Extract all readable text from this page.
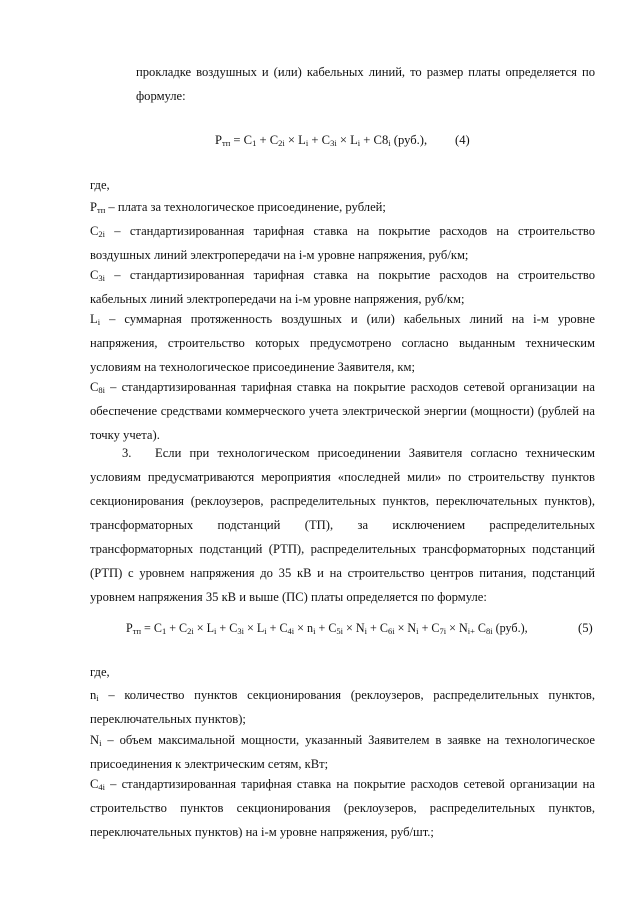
прокладке воздушных и (или) кабельных линий, то размер платы определяется по
формуле:

$P_{тп} = C_1 + C_{2i} \times L_i + C_{3i} \times L_i + C8_i$ (руб.), (4)
где,

$P_{тп}$ – плата за технологическое присоединение, рублей;

$C_{2i}$ – стандартизированная тарифная ставка на покрытие расходов на строительство воздушных линий электропередачи на i-м уровне напряжения, руб/км;

$C_{3i}$ – стандартизированная тарифная ставка на покрытие расходов на строительство кабельных линий электропередачи на i-м уровне напряжения, руб/км;

$L_i$ – суммарная протяженность воздушных и (или) кабельных линий на i-м уровне напряжения, строительство которых предусмотрено согласно выданным техническим условиям на технологическое присоединение Заявителя, км;

$C_{8i}$ – стандартизированная тарифная ставка на покрытие расходов сетевой организации на обеспечение средствами коммерческого учета электрической энергии (мощности) (рублей на точку учета).

3.	Если при технологическом присоединении Заявителя согласно техническим
условиям предусматриваются мероприятия «последней мили» по строительству пунктов секционирования (реклоузеров, распределительных пунктов, переключательных пунктов), трансформаторных подстанций (ТП), за исключением распределительных трансформаторных подстанций (РТП), распределительных трансформаторных подстанций (РТП) с уровнем напряжения до 35 кВ и на строительство центров питания, подстанций уровнем напряжения 35 кВ и выше (ПС) платы определяется по формуле:
$P_{тп} = C_1 + C_{2i} \times L_i + C_{3i} \times L_i + C_{4i} \times n_i + C_{5i} \times N_i + C_{6i} \times N_i + C_{7i} \times N_{i+}$ $C_{8i}$ (руб.),	(5)
где,

$n_i$ – количество пунктов секционирования (реклоузеров, распределительных пунктов, переключательных пунктов);

$N_i$ – объем максимальной мощности, указанный Заявителем в заявке на технологическое присоединения к электрическим сетям, кВт;

$C_{4i}$ – стандартизированная тарифная ставка на покрытие расходов сетевой организации на строительство пунктов секционирования (реклоузеров, распределительных пунктов, переключательных пунктов) на i-м уровне напряжения, руб/шт.;
